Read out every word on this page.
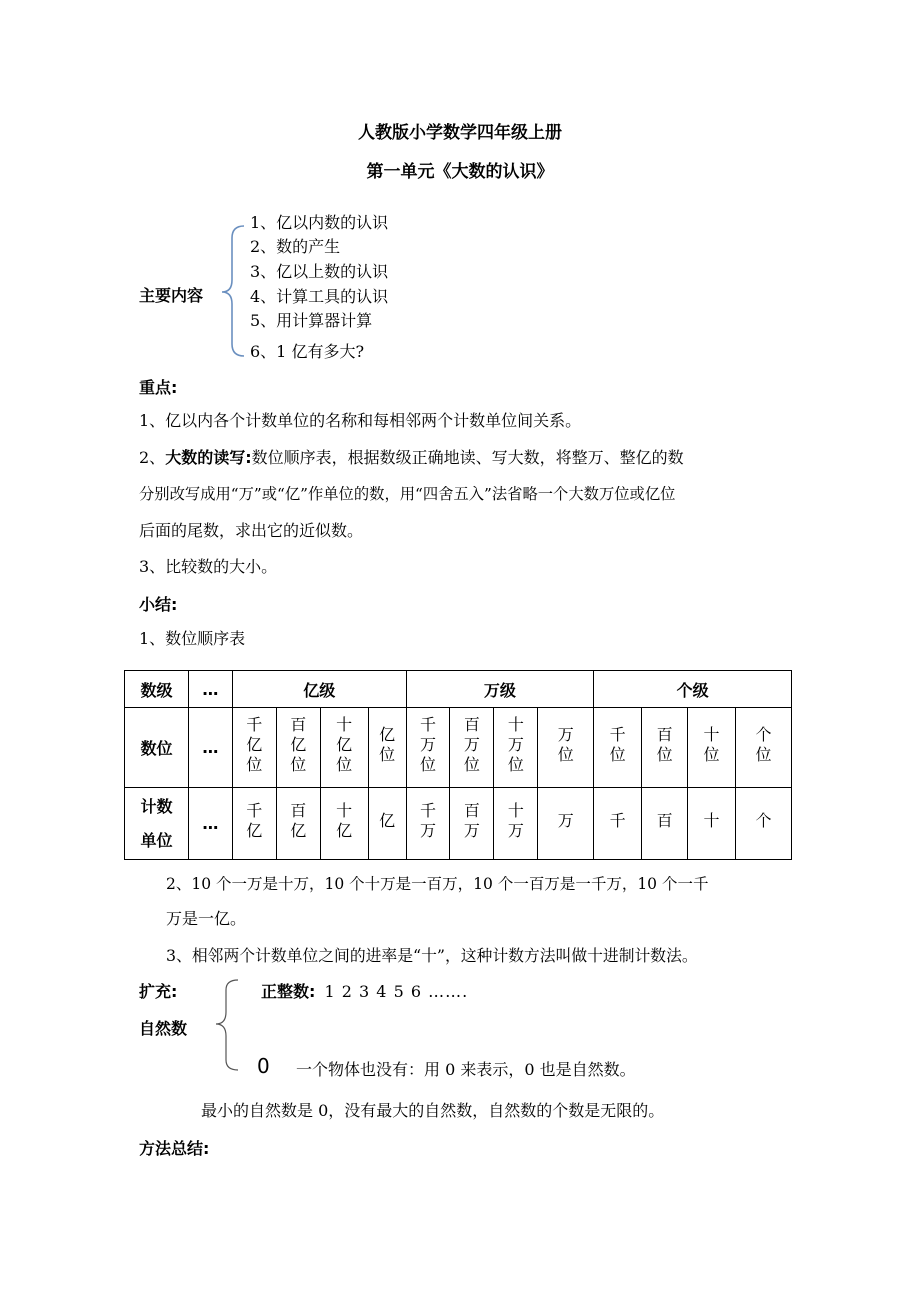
人教版小学数学四年级上册
第一单元《大数的认识》
主要内容
1、亿以内数的认识
2、数的产生
3、亿以上数的认识
4、计算工具的认识
5、用计算器计算
6、1 亿有多大?
重点:
1、亿以内各个计数单位的名称和每相邻两个计数单位间关系。
2、大数的读写:数位顺序表，根据数级正确地读、写大数，将整万、整亿的数
分别改写成用“万”或“亿”作单位的数，用“四舍五入”法省略一个大数万位或亿位
后面的尾数，求出它的近似数。
3、比较数的大小。
小结:
1、数位顺序表
数级	…	亿级				万级				个级			
数位	…	千亿位	百亿位	十亿位	亿位	千万位	百万位	十万位	万位	千位	百位	十位	个位

计数单位	…	千亿	百亿	十亿	亿	千万	百万	十万	万	千	百	十	个
2、10 个一万是十万，10 个十万是一百万，10 个一百万是一千万，10 个一千
万是一亿。
3、相邻两个计数单位之间的进率是“十”，这种计数方法叫做十进制计数法。
扩充:
自然数
正整数: 1 2 3 4 5 6 …….
0 一个物体也没有：用 0 来表示，0 也是自然数。
最小的自然数是 0，没有最大的自然数，自然数的个数是无限的。
方法总结:
